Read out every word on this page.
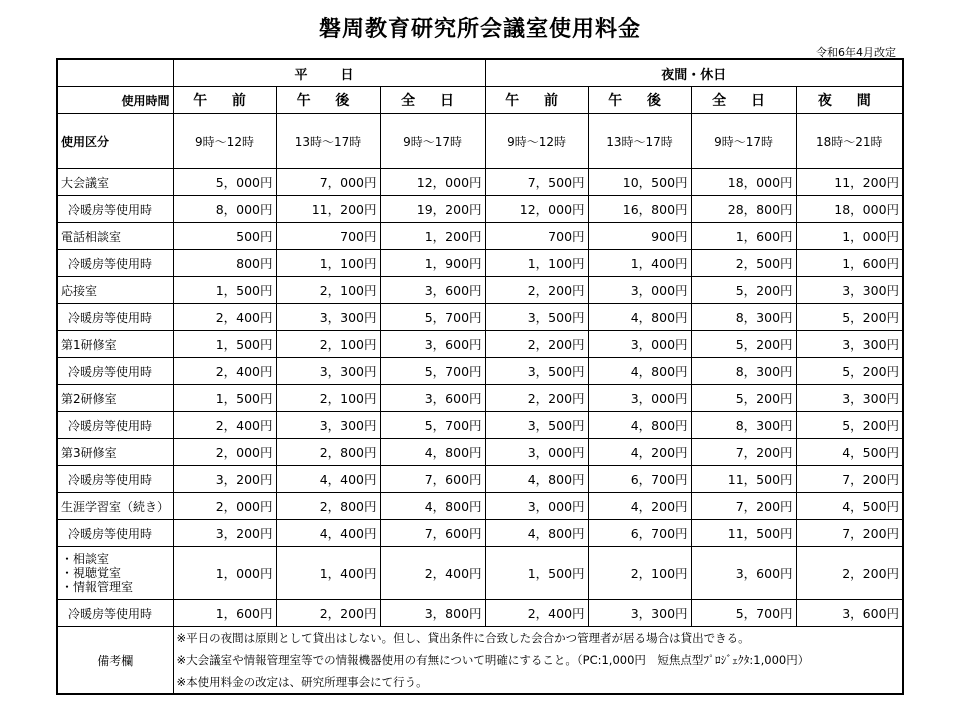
磐周教育研究所会議室使用料金
令和6年4月改定
	平　日			夜間・休日			
使用時間	午 前	午 後	全 日	午 前	午 後	全 日	夜 間
使用区分	9時～12時	13時～17時	9時～17時	9時～12時	13時～17時	9時～17時	18時～21時
大会議室	5，000円	7，000円	12，000円	7，500円	10，500円	18，000円	11，200円
冷暖房等使用時	8，000円	11，200円	19，200円	12，000円	16，800円	28，800円	18，000円
電話相談室	500円	700円	1，200円	700円	900円	1，600円	1，000円
冷暖房等使用時	800円	1，100円	1，900円	1，100円	1，400円	2，500円	1，600円
応接室	1，500円	2，100円	3，600円	2，200円	3，000円	5，200円	3，300円
冷暖房等使用時	2，400円	3，300円	5，700円	3，500円	4，800円	8，300円	5，200円
第1研修室	1，500円	2，100円	3，600円	2，200円	3，000円	5，200円	3，300円
冷暖房等使用時	2，400円	3，300円	5，700円	3，500円	4，800円	8，300円	5，200円
第2研修室	1，500円	2，100円	3，600円	2，200円	3，000円	5，200円	3，300円
冷暖房等使用時	2，400円	3，300円	5，700円	3，500円	4，800円	8，300円	5，200円
第3研修室	2，000円	2，800円	4，800円	3，000円	4，200円	7，200円	4，500円
冷暖房等使用時	3，200円	4，400円	7，600円	4，800円	6，700円	11，500円	7，200円
生涯学習室（続き）	2，000円	2，800円	4，800円	3，000円	4，200円	7，200円	4，500円
冷暖房等使用時	3，200円	4，400円	7，600円	4，800円	6，700円	11，500円	7，200円

・相談室
・視聴覚室
・情報管理室	1，000円	1，400円	2，400円	1，500円	2，100円	3，600円	2，200円
冷暖房等使用時	1，600円	2，200円	3，800円	2，400円	3，300円	5，700円	3，600円
備考欄	※平日の夜間は原則として貸出はしない。但し、貸出条件に合致した会合かつ管理者が居る場合は貸出できる。
※大会議室や情報管理室等での情報機器使用の有無について明確にすること。（PC:1,000円　短焦点型ﾌﾟﾛｼﾞｪｸﾀ:1,000円）
※本使用料金の改定は、研究所理事会にて行う。						
